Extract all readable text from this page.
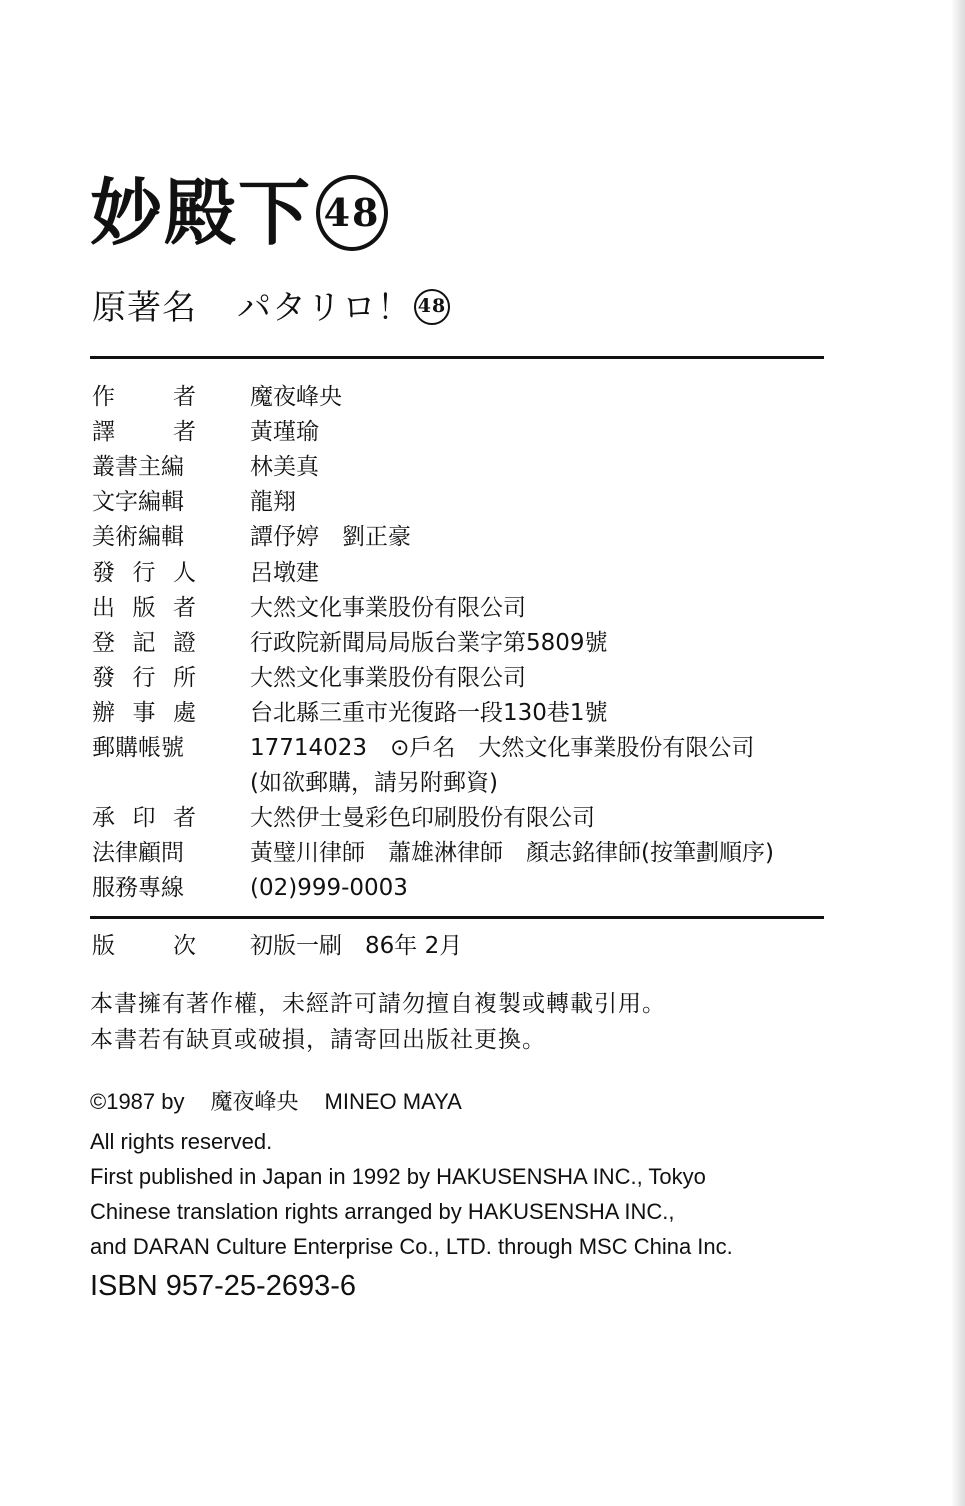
妙殿下 48
原著名 パタリロ！ 48
作	者 魔夜峰央
譯	者 黃瑾瑜
叢書主編	林美真
文字編輯	龍翔
美術編輯	譚伃婷　劉正豪
發 行 人 呂墩建
出 版 者 大然文化事業股份有限公司
登 記 證 行政院新聞局局版台業字第5809號
發 行 所 大然文化事業股份有限公司
辦 事 處 台北縣三重市光復路一段130巷1號
郵購帳號	17714023　⊙戶名　大然文化事業股份有限公司
(如欲郵購，請另附郵資)
承 印 者 大然伊士曼彩色印刷股份有限公司
法律顧問	黃璧川律師　蕭雄淋律師　顏志銘律師(按筆劃順序)
服務專線	(02)999-0003
版	次 初版一刷　86年 2月
本書擁有著作權，未經許可請勿擅自複製或轉載引用。
本書若有缺頁或破損，請寄回出版社更換。
©1987 by 魔夜峰央 MINEO MAYA
All rights reserved.
First published in Japan in 1992 by HAKUSENSHA INC., Tokyo
Chinese translation rights arranged by HAKUSENSHA INC.,
and DARAN Culture Enterprise Co., LTD. through MSC China Inc.
ISBN 957-25-2693-6
